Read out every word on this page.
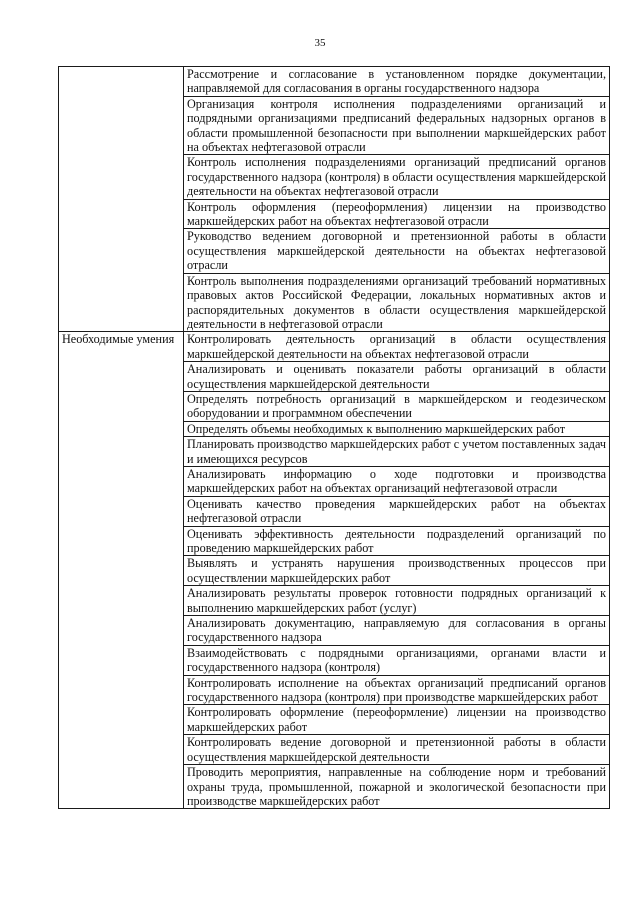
35
	Рассмотрение и согласование в установленном порядке документации, направляемой для согласования в органы государственного надзора
	Организация контроля исполнения подразделениями организаций и подрядными организациями предписаний федеральных надзорных органов в области промышленной безопасности при выполнении маркшейдерских работ на объектах нефтегазовой отрасли
	Контроль исполнения подразделениями организаций предписаний органов государственного надзора (контроля) в области осуществления маркшейдерской деятельности на объектах нефтегазовой отрасли
	Контроль оформления (переоформления) лицензии на производство маркшейдерских работ на объектах нефтегазовой отрасли
	Руководство ведением договорной и претензионной работы в области осуществления маркшейдерской деятельности на объектах нефтегазовой отрасли
	Контроль выполнения подразделениями организаций требований нормативных правовых актов Российской Федерации, локальных нормативных актов и распорядительных документов в области осуществления маркшейдерской деятельности в нефтегазовой отрасли
Необходимые умения	Контролировать деятельность организаций в области осуществления маркшейдерской деятельности на объектах нефтегазовой отрасли
	Анализировать и оценивать показатели работы организаций в области осуществления маркшейдерской деятельности
	Определять потребность организаций в маркшейдерском и геодезическом оборудовании и программном обеспечении
	Определять объемы необходимых к выполнению маркшейдерских работ
	Планировать производство маркшейдерских работ с учетом поставленных задач и имеющихся ресурсов
	Анализировать информацию о ходе подготовки и производства маркшейдерских работ на объектах организаций нефтегазовой отрасли
	Оценивать качество проведения маркшейдерских работ на объектах нефтегазовой отрасли
	Оценивать эффективность деятельности подразделений организаций по проведению маркшейдерских работ
	Выявлять и устранять нарушения производственных процессов при осуществлении маркшейдерских работ
	Анализировать результаты проверок готовности подрядных организаций к выполнению маркшейдерских работ (услуг)
	Анализировать документацию, направляемую для согласования в органы государственного надзора
	Взаимодействовать с подрядными организациями, органами власти и государственного надзора (контроля)
	Контролировать исполнение на объектах организаций предписаний органов государственного надзора (контроля) при производстве маркшейдерских работ
	Контролировать оформление (переоформление) лицензии на производство маркшейдерских работ
	Контролировать ведение договорной и претензионной работы в области осуществления маркшейдерской деятельности
	Проводить мероприятия, направленные на соблюдение норм и требований охраны труда, промышленной, пожарной и экологической безопасности при производстве маркшейдерских работ
